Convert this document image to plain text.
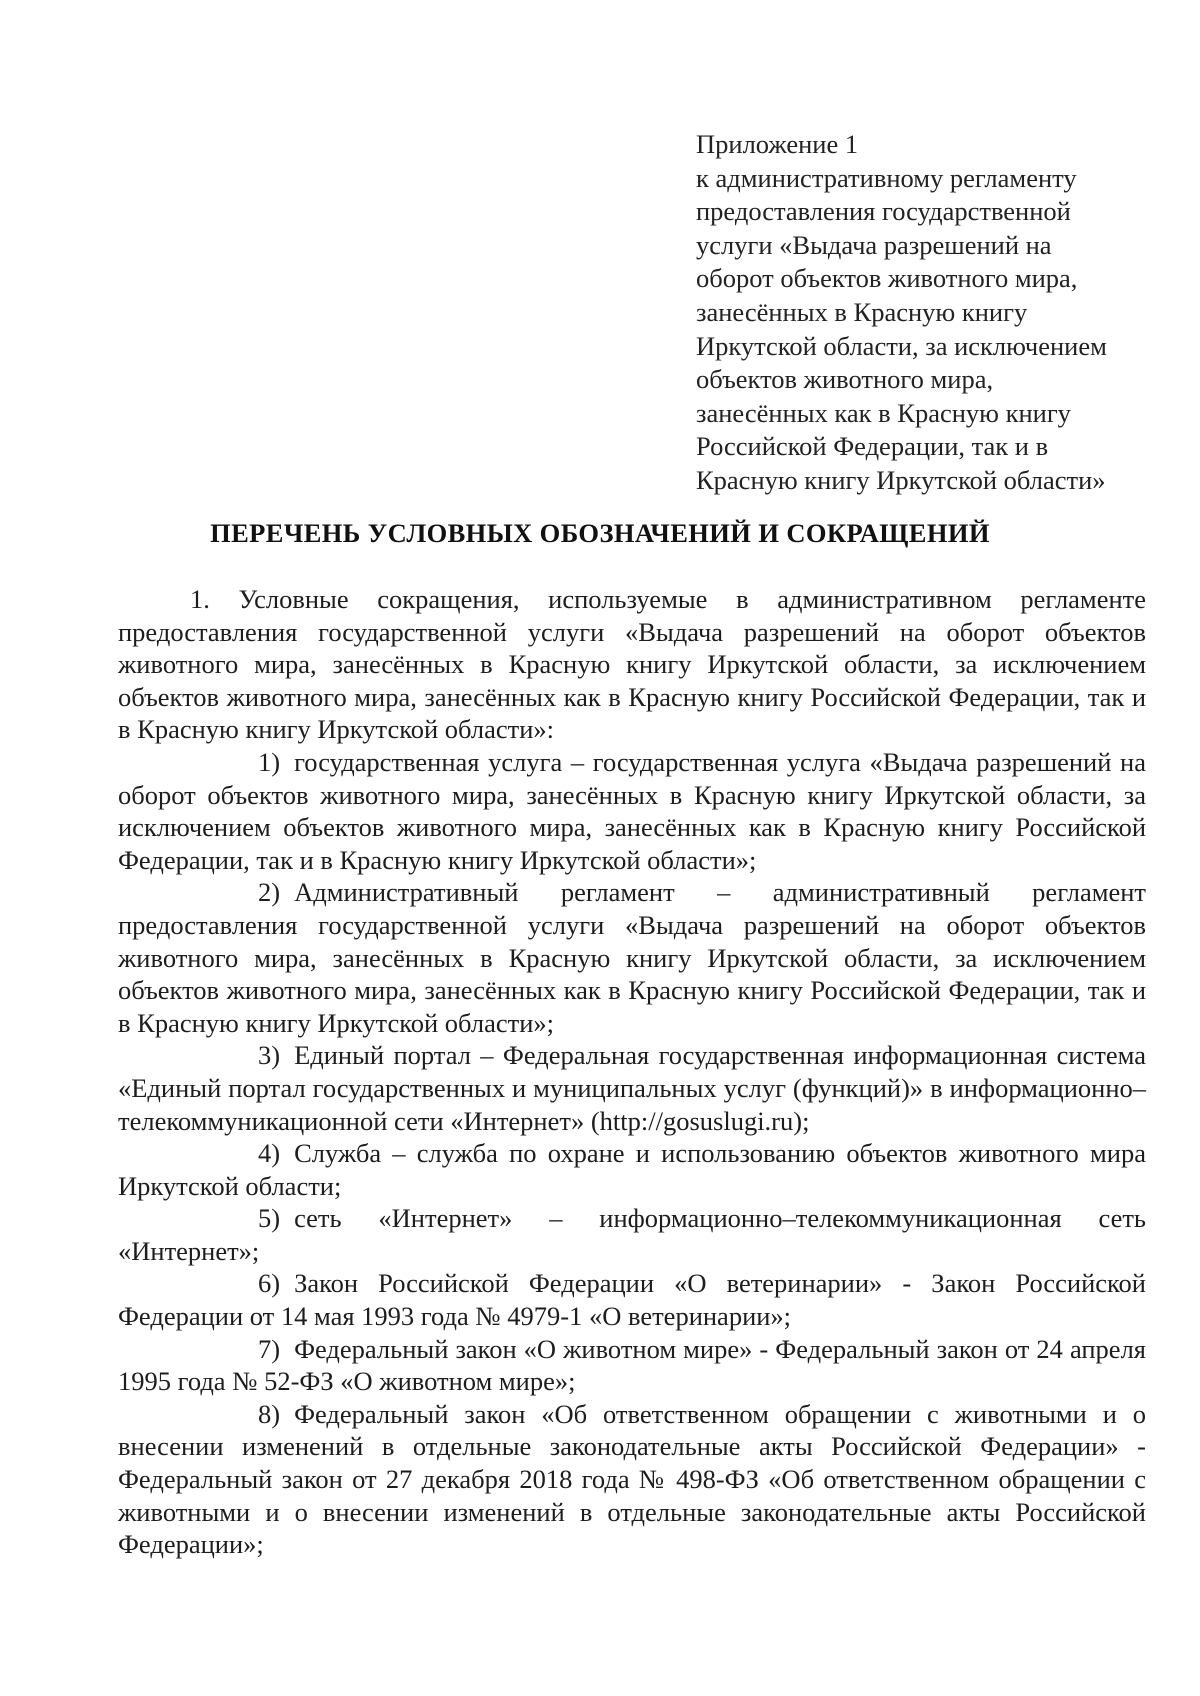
Приложение 1
к административному регламенту
предоставления государственной
услуги «Выдача разрешений на
оборот объектов животного мира,
занесённых в Красную книгу
Иркутской области, за исключением
объектов животного мира,
занесённых как в Красную книгу
Российской Федерации, так и в
Красную книгу Иркутской области»
ПЕРЕЧЕНЬ УСЛОВНЫХ ОБОЗНАЧЕНИЙ И СОКРАЩЕНИЙ

1. Условные сокращения, используемые в административном регламенте предоставления государственной услуги «Выдача разрешений на оборот объектов животного мира, занесённых в Красную книгу Иркутской области, за исключением объектов животного мира, занесённых как в Красную книгу Российской Федерации, так и в Красную книгу Иркутской области»:

1) государственная услуга – государственная услуга «Выдача разрешений на оборот объектов животного мира, занесённых в Красную книгу Иркутской области, за исключением объектов животного мира, занесённых как в Красную книгу Российской Федерации, так и в Красную книгу Иркутской области»;

2) Административный регламент – административный регламент предоставления государственной услуги «Выдача разрешений на оборот объектов животного мира, занесённых в Красную книгу Иркутской области, за исключением объектов животного мира, занесённых как в Красную книгу Российской Федерации, так и в Красную книгу Иркутской области»;

3) Единый портал – Федеральная государственная информационная система «Единый портал государственных и муниципальных услуг (функций)» в информационно–телекоммуникационной сети «Интернет» (http://gosuslugi.ru);

4) Служба – служба по охране и использованию объектов животного мира Иркутской области;

5) сеть «Интернет» – информационно–телекоммуникационная сеть «Интернет»;

6) Закон Российской Федерации «О ветеринарии» - Закон Российской Федерации от 14 мая 1993 года № 4979-1 «О ветеринарии»;

7) Федеральный закон «О животном мире» - Федеральный закон от 24 апреля 1995 года № 52-ФЗ «О животном мире»;

8) Федеральный закон «Об ответственном обращении с животными и о внесении изменений в отдельные законодательные акты Российской Федерации» - Федеральный закон от 27 декабря 2018 года № 498-ФЗ «Об ответственном обращении с животными и о внесении изменений в отдельные законодательные акты Российской Федерации»;
